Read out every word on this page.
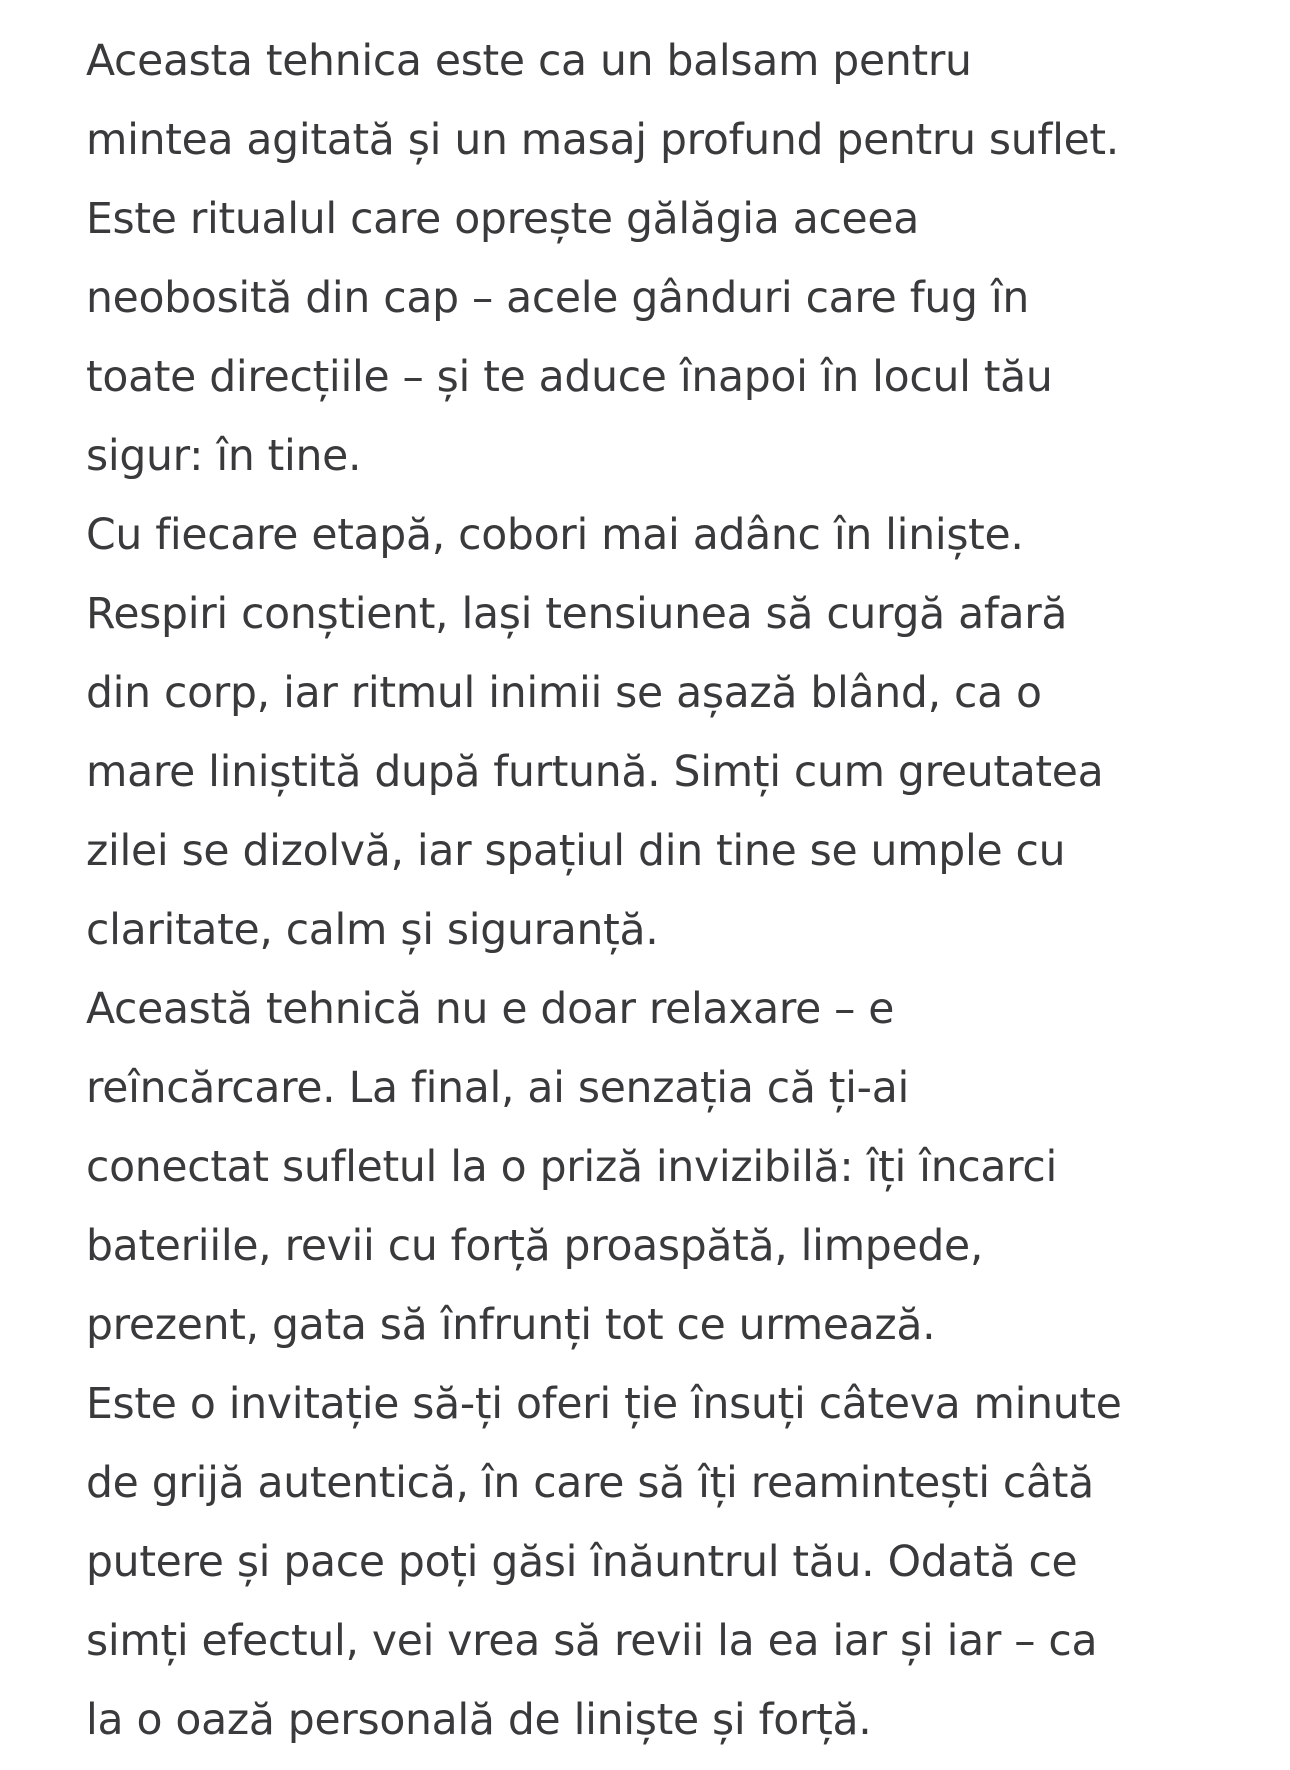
Aceasta tehnica este ca un balsam pentru
mintea agitată și un masaj profund pentru suflet.
Este ritualul care oprește gălăgia aceea
neobosită din cap – acele gânduri care fug în
toate direcțiile – și te aduce înapoi în locul tău
sigur: în tine.
Cu fiecare etapă, cobori mai adânc în liniște.
Respiri conștient, lași tensiunea să curgă afară
din corp, iar ritmul inimii se așază blând, ca o
mare liniștită după furtună. Simți cum greutatea
zilei se dizolvă, iar spațiul din tine se umple cu
claritate, calm și siguranță.
Această tehnică nu e doar relaxare – e
reîncărcare. La final, ai senzația că ți-ai
conectat sufletul la o priză invizibilă: îți încarci
bateriile, revii cu forță proaspătă, limpede,
prezent, gata să înfrunți tot ce urmează.
Este o invitație să-ți oferi ție însuți câteva minute
de grijă autentică, în care să îți reamintești câtă
putere și pace poți găsi înăuntrul tău. Odată ce
simți efectul, vei vrea să revii la ea iar și iar – ca
la o oază personală de liniște și forță.
